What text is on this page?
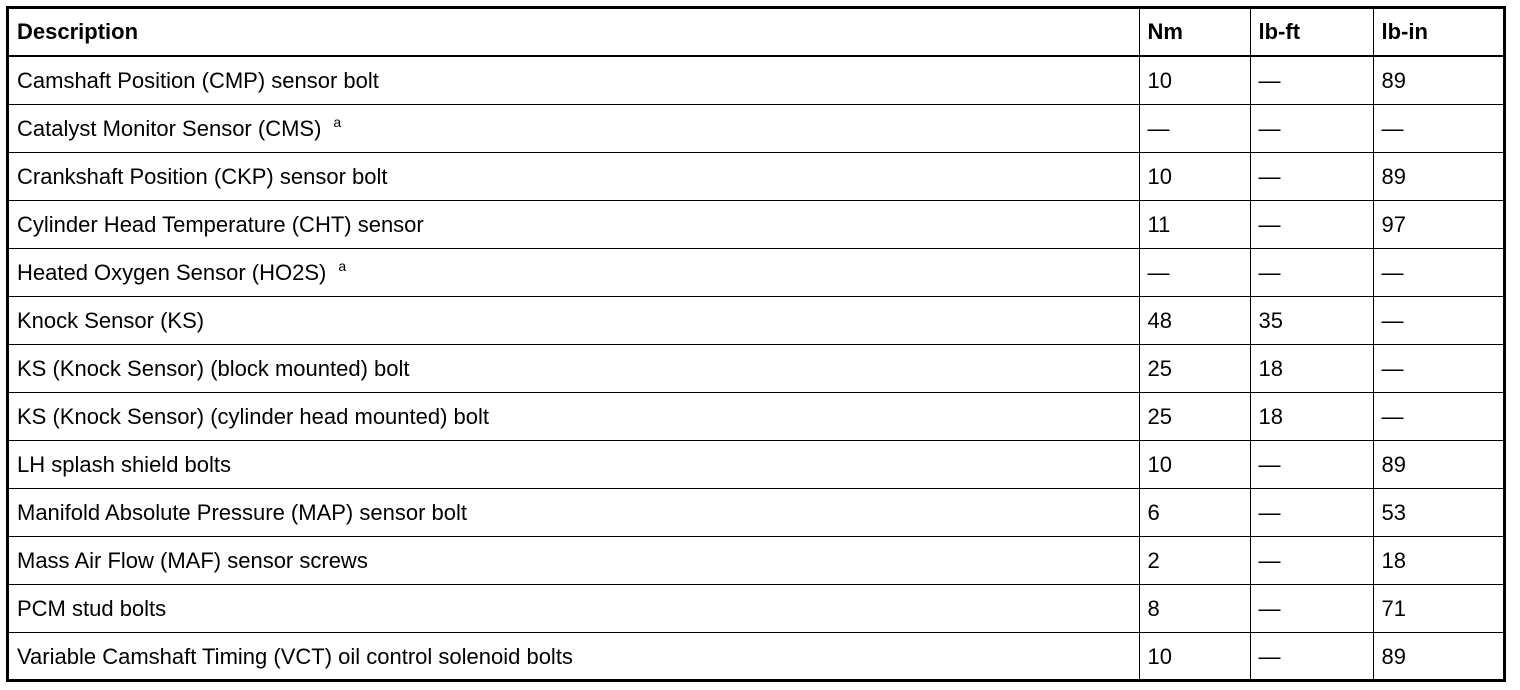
Description	Nm	lb-ft	lb-in
Camshaft Position (CMP) sensor bolt	10	—	89
Catalyst Monitor Sensor (CMS) $^a$	—	—	—
Crankshaft Position (CKP) sensor bolt	10	—	89
Cylinder Head Temperature (CHT) sensor	11	—	97
Heated Oxygen Sensor (HO2S) $^a$	—	—	—
Knock Sensor (KS)	48	35	—
KS (Knock Sensor) (block mounted) bolt	25	18	—
KS (Knock Sensor) (cylinder head mounted) bolt	25	18	—
LH splash shield bolts	10	—	89
Manifold Absolute Pressure (MAP) sensor bolt	6	—	53
Mass Air Flow (MAF) sensor screws	2	—	18
PCM stud bolts	8	—	71
Variable Camshaft Timing (VCT) oil control solenoid bolts	10	—	89
